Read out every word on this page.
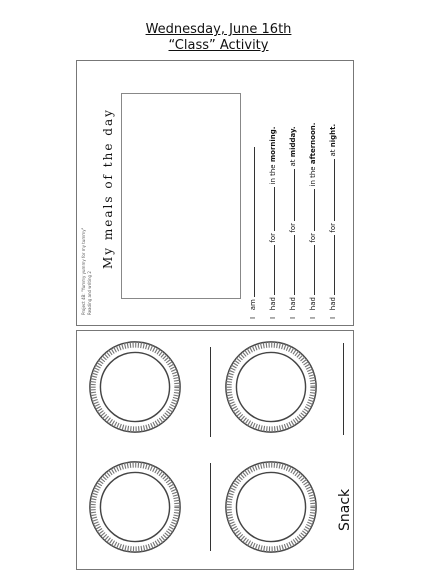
Wednesday, June 16th
“Class” Activity
Project 4B: "Yummy yummy for my tummy" Reading and writing 2
My meals of the day
I   am
I   had  for  in the morning.
I   had  for  at midday.
I   had  for  in the afternoon.
I   had  for  at night.
Snack
